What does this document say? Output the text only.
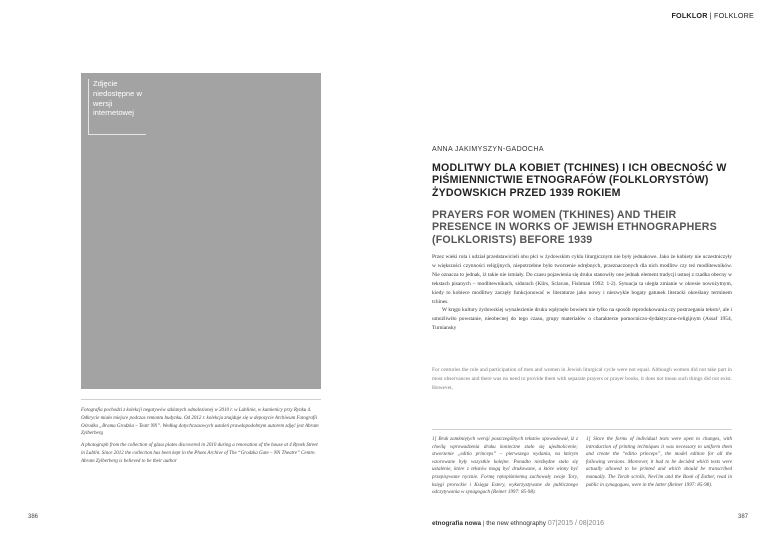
FOLKLOR | FOLKLORE
Zdjęcie niedostępne w wersji internetowej
ANNA JAKIMYSZYN-GADOCHA
MODLITWY DLA KOBIET (TCHINES) I ICH OBECNOŚĆ W PIŚMIENNICTWIE ETNOGRAFÓW (FOLKLORYSTÓW) ŻYDOWSKICH PRZED 1939 ROKIEM
PRAYERS FOR WOMEN (TKHINES) AND THEIR PRESENCE IN WORKS OF JEWISH ETHNOGRAPHERS (FOLKLORISTS) BEFORE 1939

Przez wieki rola i udział przedstawicieli obu płci w żydowskim cyklu liturgicznym nie były jednakowe. Jako że kobiety nie uczestniczyły w większości czynności religijnych, niepotrzebne było tworzenie odrębnych, przeznaczonych dla nich modlitw czy też modlitewników. Nie oznacza to jednak, iż takie nie istniały. Do czasu pojawienia się druku stanowiły one jednak element tradycji ustnej z rzadka obecny w tekstach pisanych – modlitewnikach, sidurach (Klirs, Sclavan, Fishman 1992: 1-2). Sytuacja ta uległa zmianie w okresie nowożytnym, kiedy to kobiece modlitwy zaczęły funkcjonować w literaturze jako nowy i niezwykle bogaty gatunek literacki określany terminem tchines.

W kręgu kultury żydowskiej wynalezienie druku wpłynęło bowiem nie tylko na sposób reprodukowania czy postrzegania tekstu¹, ale i umożliwiło powstanie, nieobecnej do tego czasu, grupy materiałów o charakterze pomocniczo-dydaktyczno-religijnym (Assaf 1954, Turniansky

For centuries the role and participation of men and women in Jewish liturgical cycle were not equal. Although women did not take part in most observances and there was no need to provide them with separate prayers or prayer books, it does not mean such things did not exist. However,

Fotografia pochodzi z kolekcji negatywów szklanych odnalezionej w 2010 r. w Lublinie, w kamienicy przy Rynku 4. Odkrycie miało miejsce podczas remontu budynku. Od 2012 r. kolekcja znajduje się w depozycie Archiwum Fotografii Ośrodka „Brama Grodzka – Teatr NN”. Według dotychczasowych ustaleń prawdopodobnym autorem zdjęć jest Abram Zylberberg

A photograph from the collection of glass plates discovered in 2010 during a renovation of the house at 4 Rynek Street in Lublin. Since 2012 the collection has been kept in the Photo Archive of The “Grodzka Gate – NN Theatre” Centre. Abram Zylberberg is believed to be their author

1] Brak zamkniętych wersji poszczególnych tekstów spowodował, iż z chwilą wprowadzenia druku konieczne stało się ujednolicenie; stworzenie „editio princeps” – pierwszego wydania, na którym wzorowane były wszystkie kolejne. Ponadto niezbędne stało się ustalenie, które z tekstów mogą być drukowane, a które winny być przepisywane ręcznie. Formę rękopiśmienną zachowały zwoje Tory, księgi prorockie i Księga Estery, wykorzystywane do publicznego odczytywania w synagogach (Reiner 1997: 85-98).
1] Since the forms of individual texts were open to changes, with introduction of printing techniques it was necessary to uniform them and create the “editio princeps”, the model edition for all the following versions. Moreover, it had to be decided which texts were actually allowed to be printed and which should be transcribed manually. The Torah scrolls, Nevi'im and the Book of Esther, read in public in synagogues, were in the latter (Reiner 1997: 85-98).
386	387
etnografia nowa | the new ethnography 07|2015 / 08|2016
